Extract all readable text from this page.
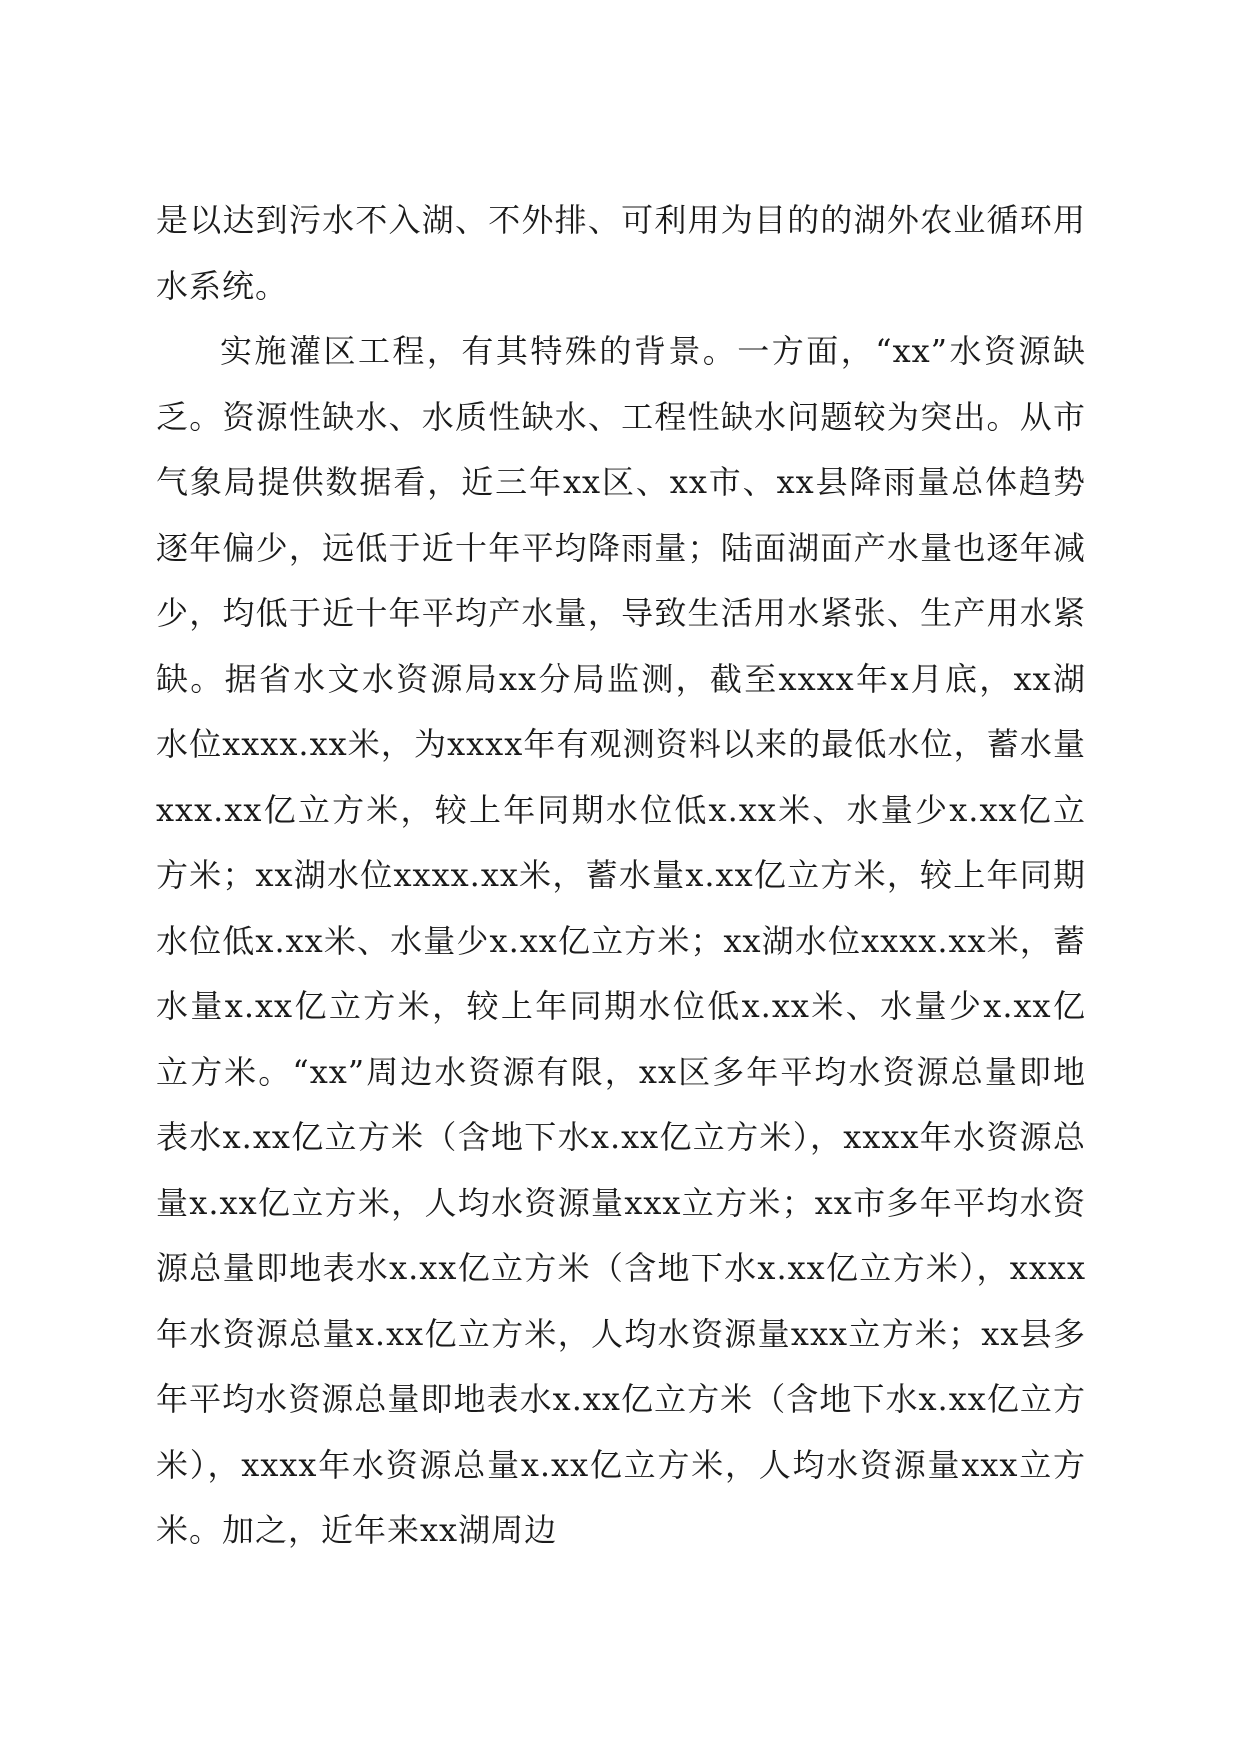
是以达到污水不入湖、不外排、可利用为目的的湖外农业循环用水系统。

实施灌区工程，有其特殊的背景。一方面，“xx”水资源缺乏。资源性缺水、水质性缺水、工程性缺水问题较为突出。从市气象局提供数据看，近三年xx区、xx市、xx县降雨量总体趋势逐年偏少，远低于近十年平均降雨量；陆面湖面产水量也逐年减少，均低于近十年平均产水量，导致生活用水紧张、生产用水紧缺。据省水文水资源局xx分局监测，截至xxxx年x月底，xx湖水位xxxx.xx米，为xxxx年有观测资料以来的最低水位，蓄水量xxx.xx亿立方米，较上年同期水位低x.xx米、水量少x.xx亿立方米；xx湖水位xxxx.xx米，蓄水量x.xx亿立方米，较上年同期水位低x.xx米、水量少x.xx亿立方米；xx湖水位xxxx.xx米，蓄水量x.xx亿立方米，较上年同期水位低x.xx米、水量少x.xx亿立方米。“xx”周边水资源有限，xx区多年平均水资源总量即地表水x.xx亿立方米（含地下水x.xx亿立方米），xxxx年水资源总量x.xx亿立方米，人均水资源量xxx立方米；xx市多年平均水资源总量即地表水x.xx亿立方米（含地下水x.xx亿立方米），xxxx年水资源总量x.xx亿立方米，人均水资源量xxx立方米；xx县多年平均水资源总量即地表水x.xx亿立方米（含地下水x.xx亿立方米），xxxx年水资源总量x.xx亿立方米，人均水资源量xxx立方米。加之，近年来xx湖周边
